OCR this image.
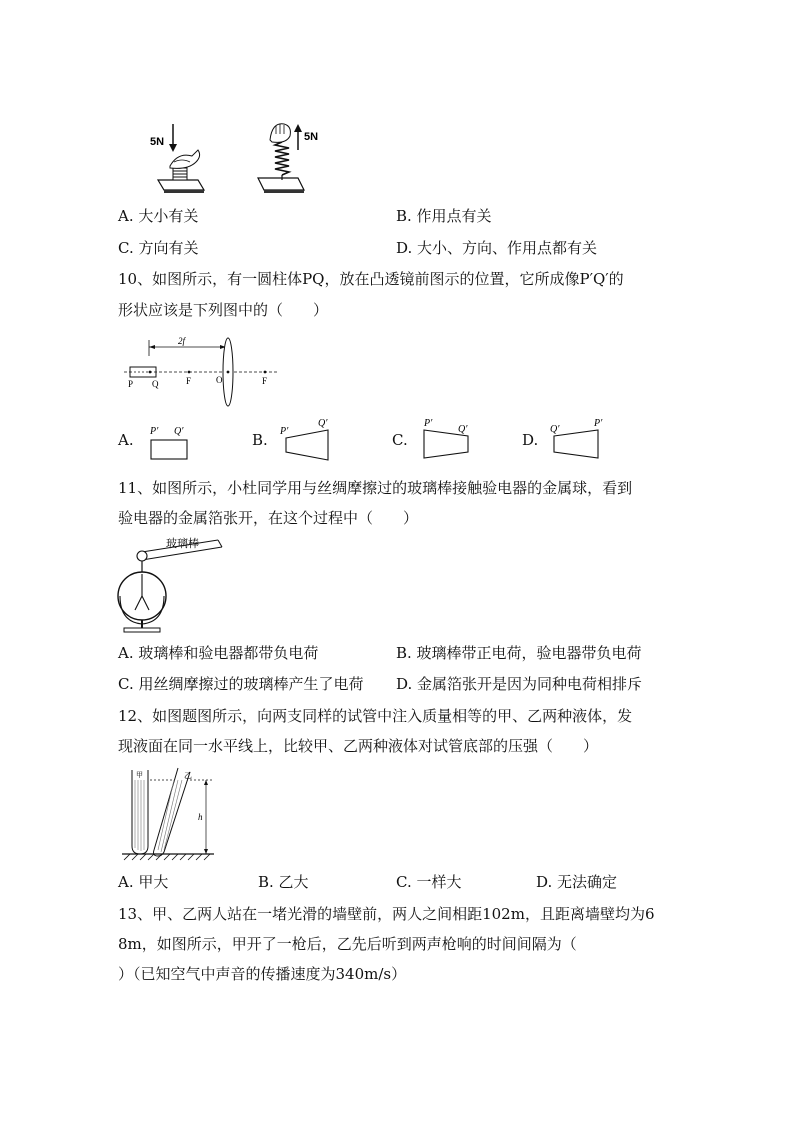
5N	5N
A. 大小有关	B. 作用点有关
C. 方向有关	D. 大小、方向、作用点都有关
10、如图所示，有一圆柱体PQ，放在凸透镜前图示的位置，它所成像P′Q′的
形状应该是下列图中的（　　）
2f
P Q	F	O	F
A. P′ Q′	B. P′
Q′
C.
P′
Q′
D.
Q′
P′
11、如图所示，小杜同学用与丝绸摩擦过的玻璃棒接触验电器的金属球，看到
验电器的金属箔张开，在这个过程中（　　）
玻璃棒
A. 玻璃棒和验电器都带负电荷	B. 玻璃棒带正电荷，验电器带负电荷
C. 用丝绸摩擦过的玻璃棒产生了电荷 D. 金属箔张开是因为同种电荷相排斥
12、如图题图所示，向两支同样的试管中注入质量相等的甲、乙两种液体，发
现液面在同一水平线上，比较甲、乙两种液体对试管底部的压强（　　）
甲	乙
h
A. 甲大	B. 乙大	C. 一样大	D. 无法确定
13、甲、乙两人站在一堵光滑的墙壁前，两人之间相距102m，且距离墙壁均为6
8m，如图所示，甲开了一枪后，乙先后听到两声枪响的时间间隔为（
）（已知空气中声音的传播速度为340m/s）
